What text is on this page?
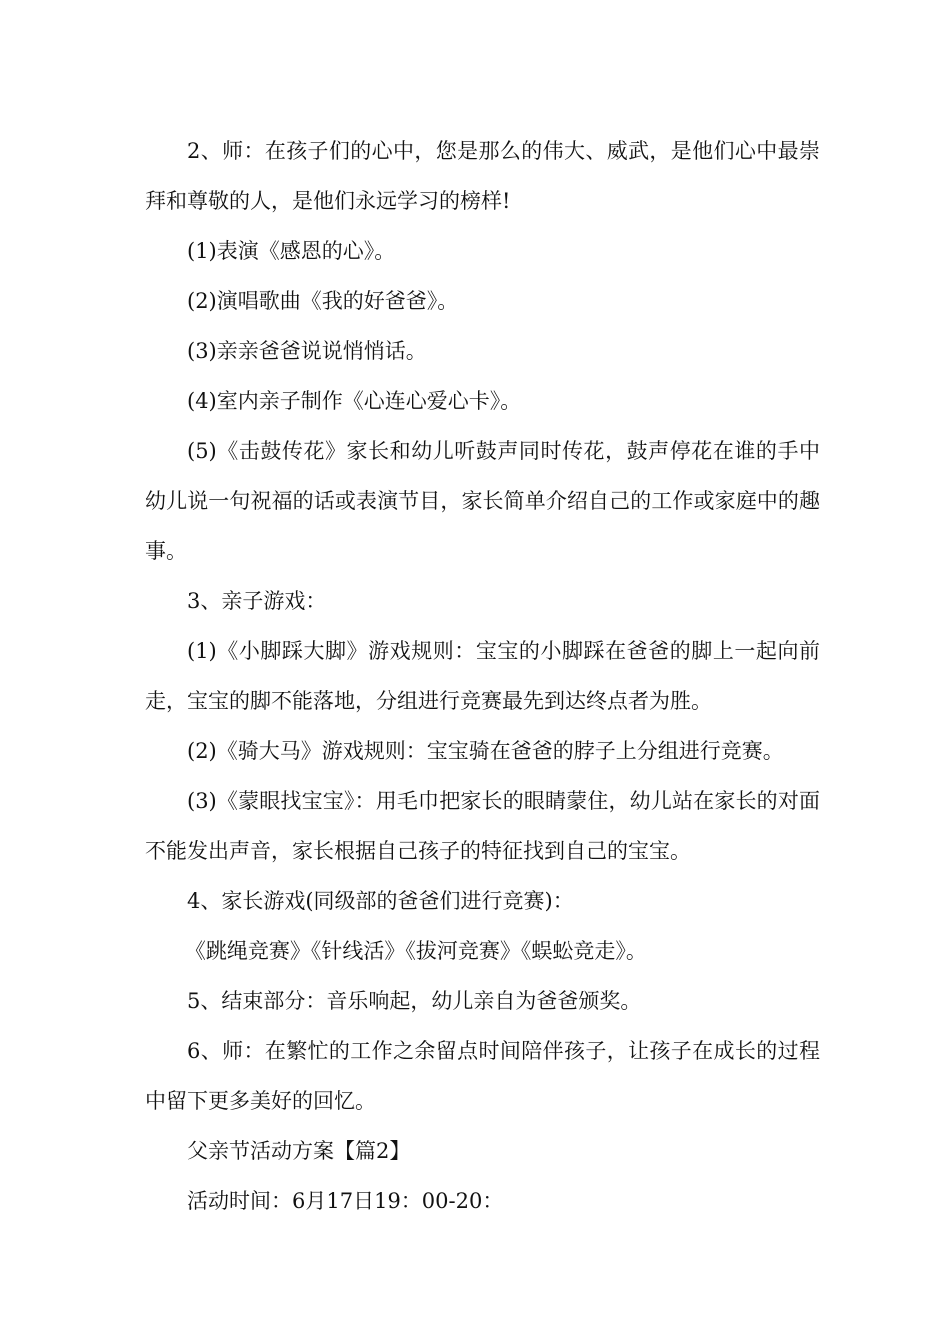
2、师：在孩子们的心中，您是那么的伟大、威武，是他们心中最崇拜和尊敬的人，是他们永远学习的榜样!

(1)表演《感恩的心》。

(2)演唱歌曲《我的好爸爸》。

(3)亲亲爸爸说说悄悄话。

(4)室内亲子制作《心连心爱心卡》。

(5)《击鼓传花》家长和幼儿听鼓声同时传花，鼓声停花在谁的手中幼儿说一句祝福的话或表演节目，家长简单介绍自己的工作或家庭中的趣事。

3、亲子游戏：

(1)《小脚踩大脚》游戏规则：宝宝的小脚踩在爸爸的脚上一起向前走，宝宝的脚不能落地，分组进行竞赛最先到达终点者为胜。

(2)《骑大马》游戏规则：宝宝骑在爸爸的脖子上分组进行竞赛。

(3)《蒙眼找宝宝》：用毛巾把家长的眼睛蒙住，幼儿站在家长的对面不能发出声音，家长根据自己孩子的特征找到自己的宝宝。

4、家长游戏(同级部的爸爸们进行竞赛)：

《跳绳竞赛》《针线活》《拔河竞赛》《蜈蚣竞走》。

5、结束部分：音乐响起，幼儿亲自为爸爸颁奖。

6、师：在繁忙的工作之余留点时间陪伴孩子，让孩子在成长的过程中留下更多美好的回忆。

父亲节活动方案【篇2】

活动时间：6月17日19：00-20：
